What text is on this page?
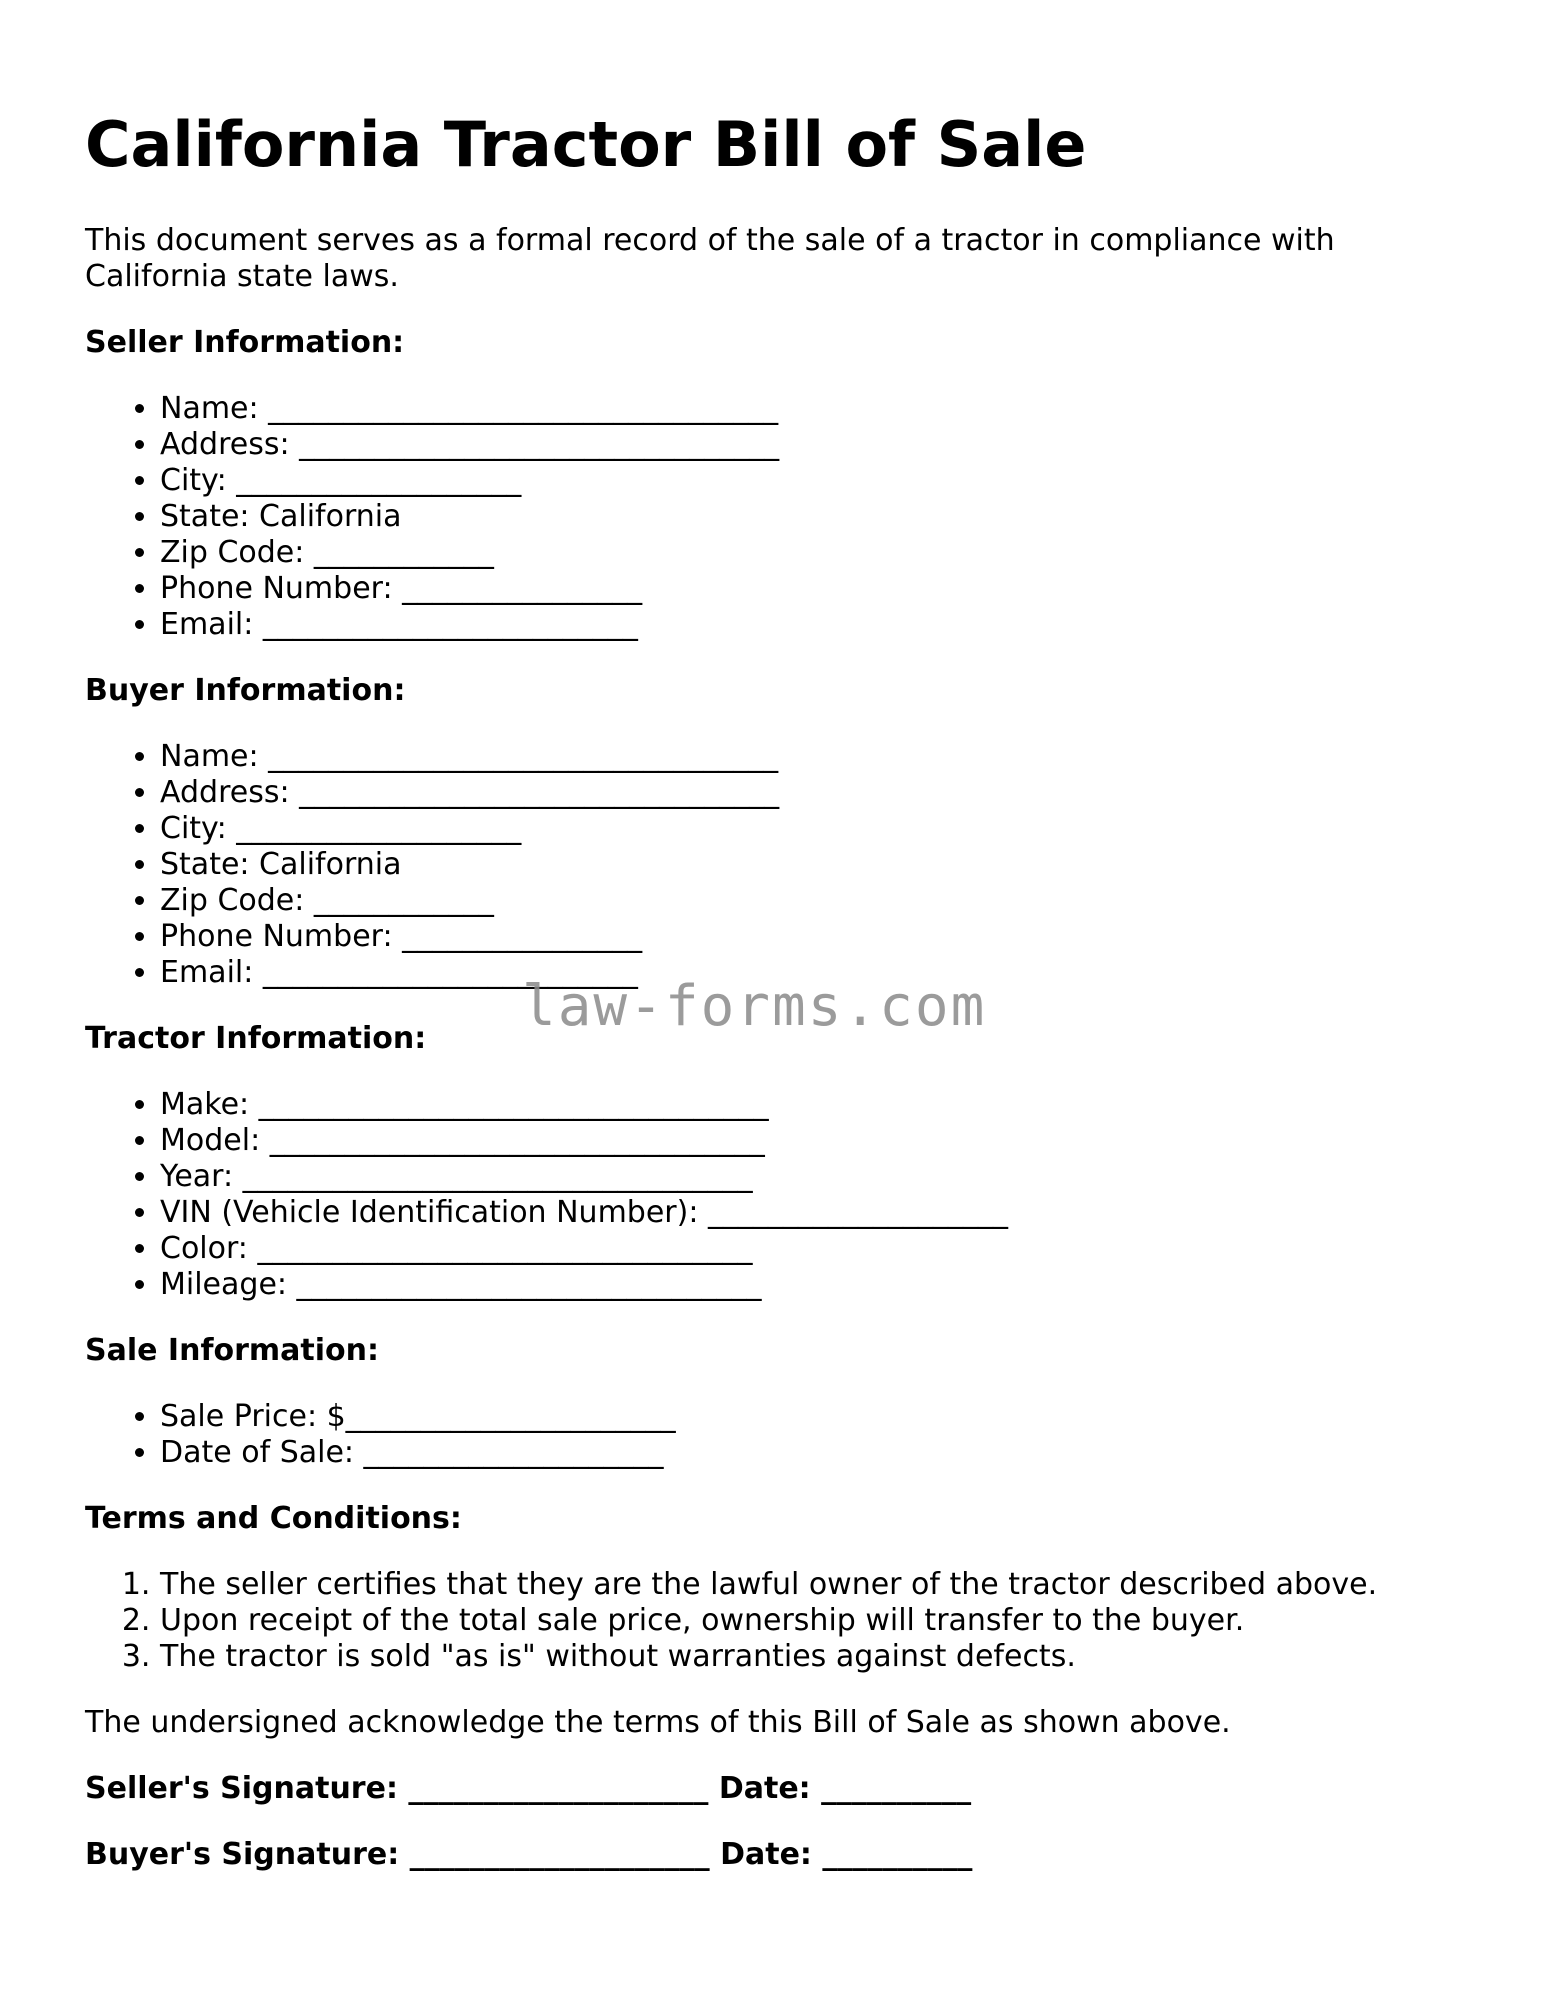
California Tractor Bill of Sale

This document serves as a formal record of the sale of a tractor in compliance with California state laws.

Seller Information:

• Name: __________________________________
• Address: ________________________________
• City: ___________________
• State: California
• Zip Code: ____________
• Phone Number: ________________
• Email: _________________________

Buyer Information:

• Name: __________________________________
• Address: ________________________________
• City: ___________________
• State: California
• Zip Code: ____________
• Phone Number: ________________
• Email: _________________________

Tractor Information:

• Make: __________________________________
• Model: _________________________________
• Year: __________________________________
• VIN (Vehicle Identification Number): ____________________
• Color: _________________________________
• Mileage: _______________________________

Sale Information:

• Sale Price: $______________________
• Date of Sale: ____________________

Terms and Conditions:

1. The seller certifies that they are the lawful owner of the tractor described above.
2. Upon receipt of the total sale price, ownership will transfer to the buyer.
3. The tractor is sold "as is" without warranties against defects.

The undersigned acknowledge the terms of this Bill of Sale as shown above.

Seller's Signature: ____________________ Date: __________

Buyer's Signature: ____________________ Date: __________

law-forms.com
